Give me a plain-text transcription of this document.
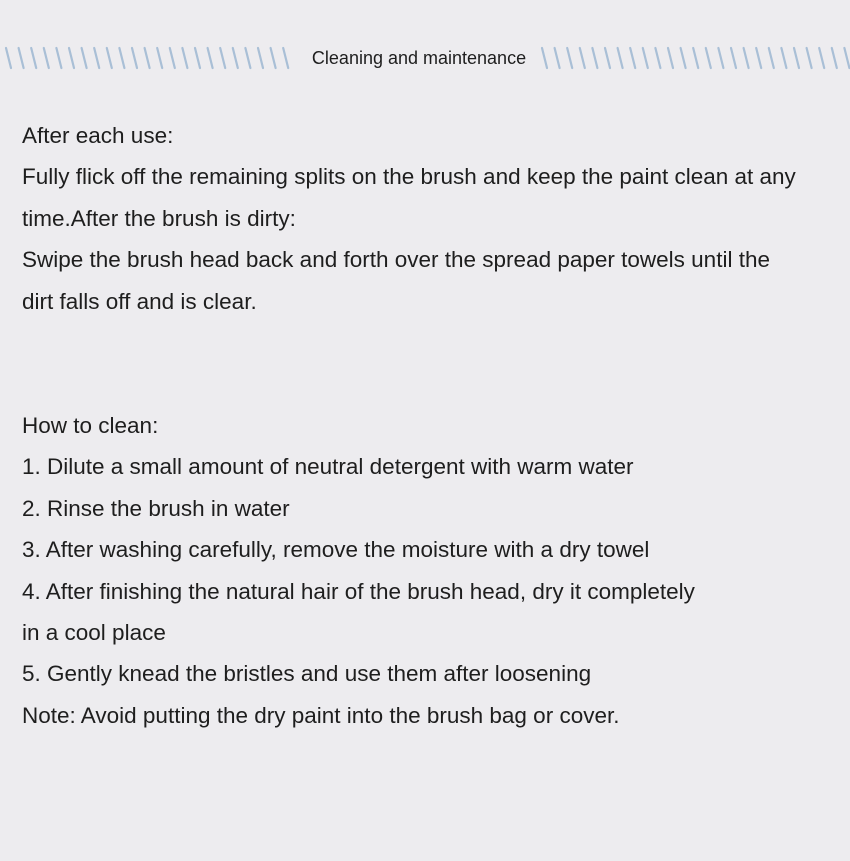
Cleaning and maintenance

After each use:

Fully flick off the remaining splits on the brush and keep the paint clean at any

time.After the brush is dirty:

Swipe the brush head back and forth over the spread paper towels until the

dirt falls off and is clear.

How to clean:

1. Dilute a small amount of neutral detergent with warm water

2. Rinse the brush in water

3. After washing carefully, remove the moisture with a dry towel

4. After finishing the natural hair of the brush head, dry it completely

in a cool place

5. Gently knead the bristles and use them after loosening

Note: Avoid putting the dry paint into the brush bag or cover.
